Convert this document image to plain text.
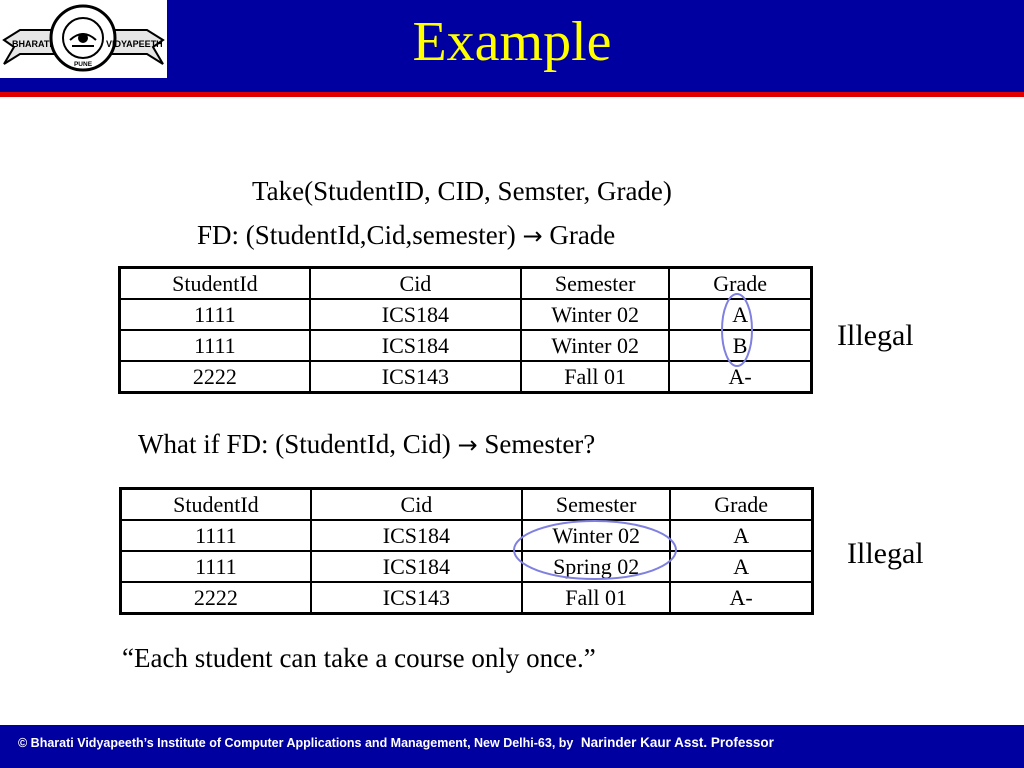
BHARATI	VIDYAPEETH
PUNE	Example
Take(StudentID, CID, Semster, Grade)
FD: (StudentId,Cid,semester) → Grade
StudentId	Cid	Semester	Grade
1111	ICS184	Winter 02	A
1111	ICS184	Winter 02	B
2222	ICS143	Fall 01	A-
Illegal
What if FD: (StudentId, Cid) → Semester?
StudentId	Cid	Semester	Grade
1111	ICS184	Winter 02	A
1111	ICS184	Spring 02	A
2222	ICS143	Fall 01	A-
Illegal
“Each student can take a course only once.”
© Bharati Vidyapeeth’s Institute of Computer Applications and Management, New Delhi-63, by Narinder Kaur Asst. Professor
